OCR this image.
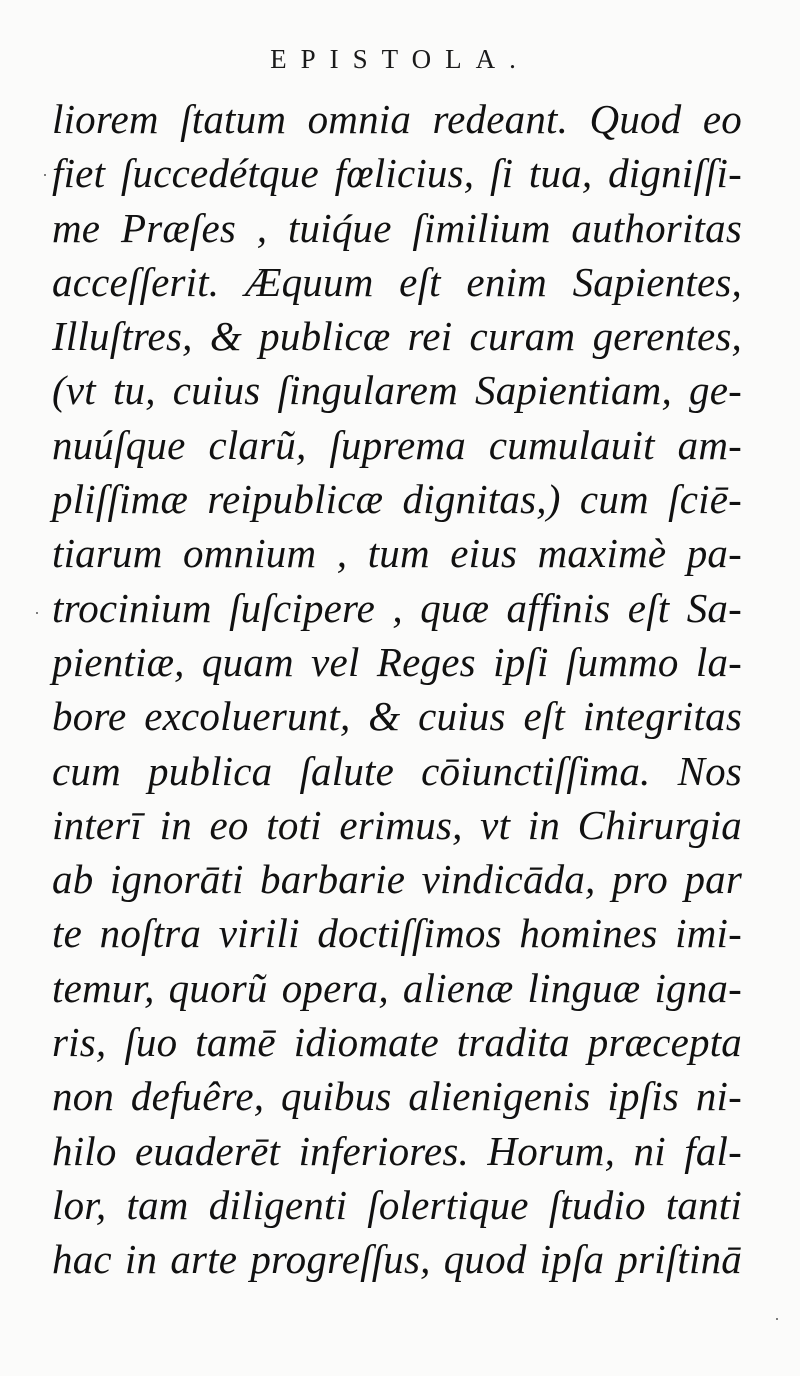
EPISTOLA.
liorem ſtatum omnia redeant. Quod eo
fiet ſuccedétque fœlicius, ſi tua, digniſſi-
me Præſes , tuiq́ue ſimilium authoritas
acceſſerit. Æquum eſt enim Sapientes,
Illuſtres, & publicæ rei curam gerentes,
(vt tu, cuius ſingularem Sapientiam, ge-
nuúſque clarũ, ſuprema cumulauit am-
pliſſimæ reipublicæ dignitas,) cum ſciē-
tiarum omnium , tum eius maximè pa-
trocinium ſuſcipere , quæ affinis eſt Sa-
pientiæ, quam vel Reges ipſi ſummo la-
bore excoluerunt, & cuius eſt integritas
cum publica ſalute cōiunctiſſima. Nos
interī in eo toti erimus, vt in Chirurgia
ab ignorāti barbarie vindicāda, pro par
te noſtra virili doctiſſimos homines imi-
temur, quorũ opera, alienæ linguæ igna-
ris, ſuo tamē idiomate tradita præcepta
non defuêre, quibus alienigenis ipſis ni-
hilo euaderēt inferiores. Horum, ni fal-
lor, tam diligenti ſolertique ſtudio tanti
hac in arte progreſſus, quod ipſa priſtinā
